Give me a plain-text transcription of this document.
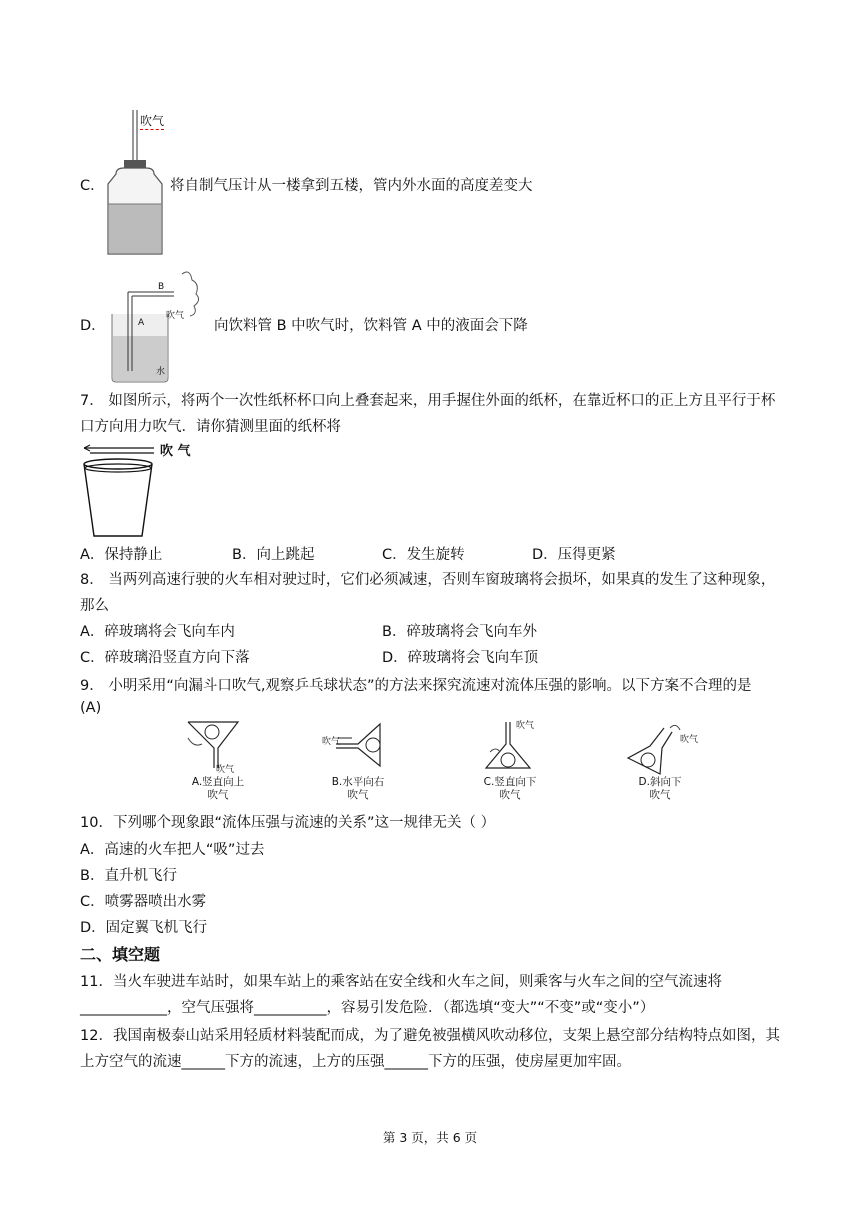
吹气
C．	将自制气压计从一楼拿到五楼，管内外水面的高度差变大
A
B
吹气
水
D．	向饮料管 B 中吹气时，饮料管 A 中的液面会下降
7． 如图所示，将两个一次性纸杯杯口向上叠套起来，用手握住外面的纸杯，在靠近杯口的正上方且平行于杯
口方向用力吹气．请你猜测里面的纸杯将
吹 气
A．保持静止	B．向上跳起	C．发生旋转	D．压得更紧
8． 当两列高速行驶的火车相对驶过时，它们必须减速，否则车窗玻璃将会损坏，如果真的发生了这种现象，
那么
A．碎玻璃将会飞向车内	B．碎玻璃将会飞向车外
C．碎玻璃沿竖直方向下落	D．碎玻璃将会飞向车顶
9． 小明采用“向漏斗口吹气,观察乒乓球状态”的方法来探究流速对流体压强的影响。以下方案不合理的是
(A)
吹气
A.竖直向上
吹气
吹气
B.水平向右
吹气
吹气
C.竖直向下
吹气
吹气
D.斜向下
吹气
10．下列哪个现象跟“流体压强与流速的关系”这一规律无关（ ）
A．高速的火车把人“吸”过去
B．直升机飞行
C．喷雾器喷出水雾
D．固定翼飞机飞行
二、填空题
11．当火车驶进车站时，如果车站上的乘客站在安全线和火车之间，则乘客与火车之间的空气流速将
____________，空气压强将__________，容易引发危险．（都选填“变大”“不变”或“变小”）
12．我国南极泰山站采用轻质材料装配而成，为了避免被强横风吹动移位，支架上悬空部分结构特点如图，其
上方空气的流速______下方的流速，上方的压强______下方的压强，使房屋更加牢固。
第 3 页，共 6 页
